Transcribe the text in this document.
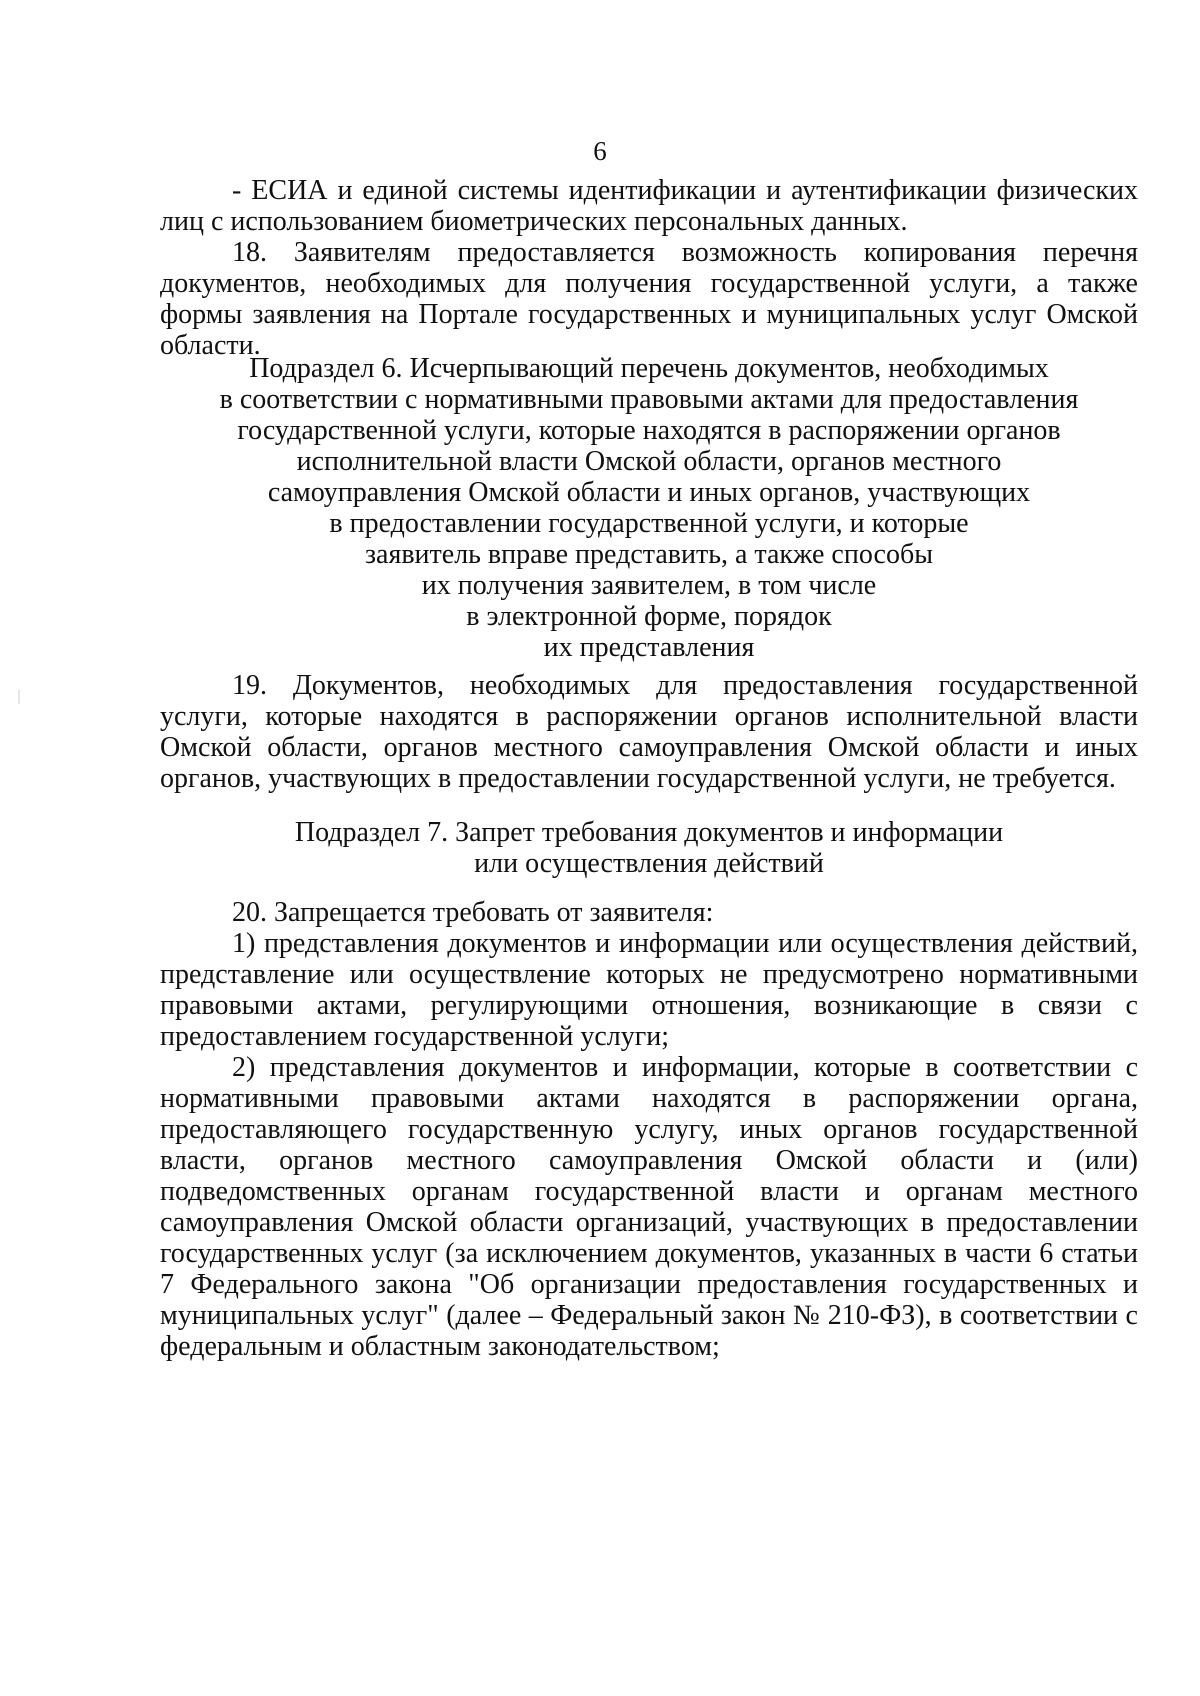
6

- ЕСИА и единой системы идентификации и аутентификации физических лиц с использованием биометрических персональных данных.

18. Заявителям предоставляется возможность копирования перечня документов, необходимых для получения государственной услуги, а также формы заявления на Портале государственных и муниципальных услуг Омской области.

Подраздел 6. Исчерпывающий перечень документов, необходимых
в соответствии с нормативными правовыми актами для предоставления
государственной услуги, которые находятся в распоряжении органов
исполнительной власти Омской области, органов местного
самоуправления Омской области и иных органов, участвующих
в предоставлении государственной услуги, и которые
заявитель вправе представить, а также способы
их получения заявителем, в том числе
в электронной форме, порядок
их представления

19. Документов, необходимых для предоставления государственной услуги, которые находятся в распоряжении органов исполнительной власти Омской области, органов местного самоуправления Омской области и иных органов, участвующих в предоставлении государственной услуги, не требуется.

Подраздел 7. Запрет требования документов и информации
или осуществления действий

20. Запрещается требовать от заявителя:

1) представления документов и информации или осуществления действий, представление или осуществление которых не предусмотрено нормативными правовыми актами, регулирующими отношения, возникающие в связи с предоставлением государственной услуги;

2) представления документов и информации, которые в соответствии с нормативными правовыми актами находятся в распоряжении органа, предоставляющего государственную услугу, иных органов государственной власти, органов местного самоуправления Омской области и (или) подведомственных органам государственной власти и органам местного самоуправления Омской области организаций, участвующих в предоставлении государственных услуг (за исключением документов, указанных в части 6 статьи 7 Федерального закона "Об организации предоставления государственных и муниципальных услуг" (далее – Федеральный закон № 210-ФЗ), в соответствии с федеральным и областным законодательством;
